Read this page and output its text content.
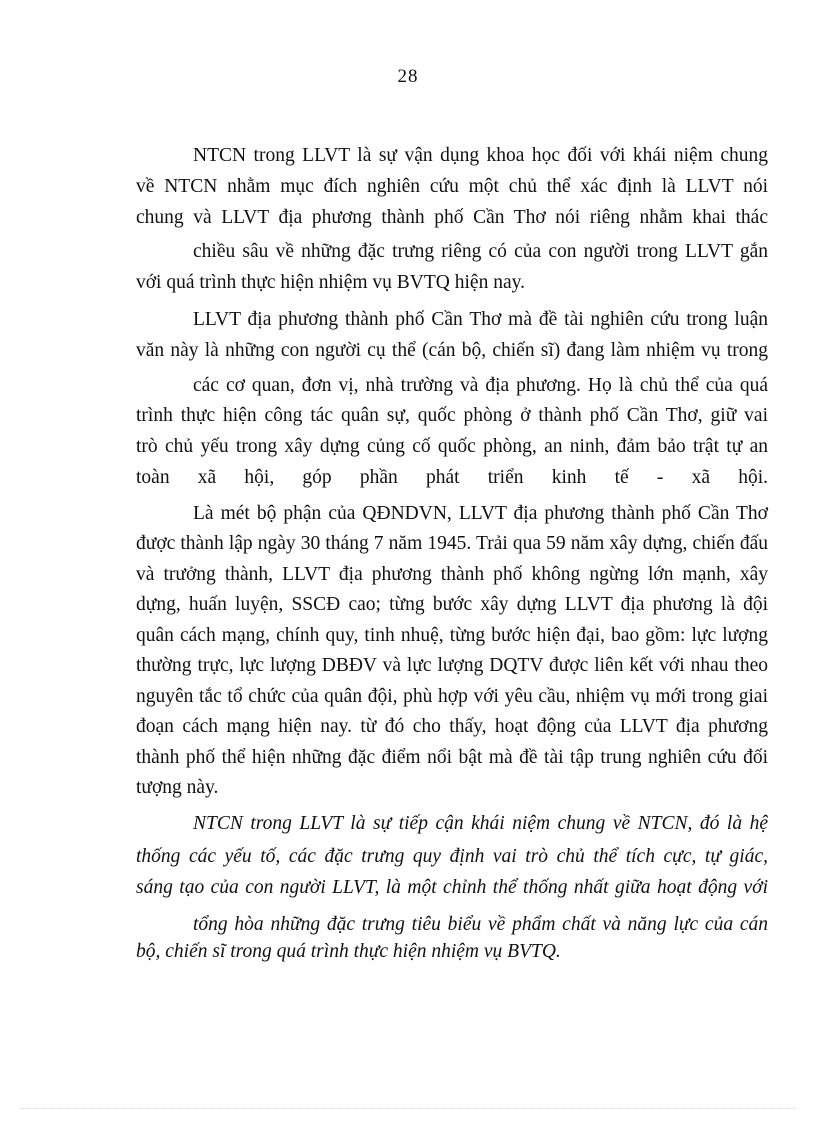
28
NTCN trong LLVT là sự vận dụng khoa học đối với khái niệm chung
về NTCN nhằm mục đích nghiên cứu một chủ thể xác định là LLVT nói
chung và LLVT địa phương thành phố Cần Thơ nói riêng nhằm khai thác
chiều sâu về những đặc trưng riêng có của con người trong LLVT gắn
với quá trình thực hiện nhiệm vụ BVTQ hiện nay.
LLVT địa phương thành phố Cần Thơ mà đề tài nghiên cứu trong luận
văn này là những con người cụ thể (cán bộ, chiến sĩ) đang làm nhiệm vụ trong
các cơ quan, đơn vị, nhà trường và địa phương. Họ là chủ thể của quá
trình thực hiện công tác quân sự, quốc phòng ở thành phố Cần Thơ, giữ vai
trò chủ yếu trong xây dựng củng cố quốc phòng, an ninh, đảm bảo trật tự an
toàn xã hội, góp phần phát triển kinh tế - xã hội.
Là mét bộ phận của QĐNDVN, LLVT địa phương thành phố Cần Thơ
được thành lập ngày 30 tháng 7 năm 1945. Trải qua 59 năm xây dựng, chiến đấu
và trưởng thành, LLVT địa phương thành phố không ngừng lớn mạnh, xây
dựng, huấn luyện, SSCĐ cao; từng bước xây dựng LLVT địa phương là đội
quân cách mạng, chính quy, tinh nhuệ, từng bước hiện đại, bao gồm: lực lượng
thường trực, lực lượng DBĐV và lực lượng DQTV được liên kết với nhau theo
nguyên tắc tổ chức của quân đội, phù hợp với yêu cầu, nhiệm vụ mới trong giai
đoạn cách mạng hiện nay. từ đó cho thấy, hoạt động của LLVT địa phương
thành phố thể hiện những đặc điểm nổi bật mà đề tài tập trung nghiên cứu đối
tượng này.
NTCN trong LLVT là sự tiếp cận khái niệm chung về NTCN, đó là hệ
thống các yếu tố, các đặc trưng quy định vai trò chủ thể tích cực, tự giác,
sáng tạo của con người LLVT, là một chỉnh thể thống nhất giữa hoạt động với
tổng hòa những đặc trưng tiêu biểu về phẩm chất và năng lực của cán
bộ, chiến sĩ trong quá trình thực hiện nhiệm vụ BVTQ.
